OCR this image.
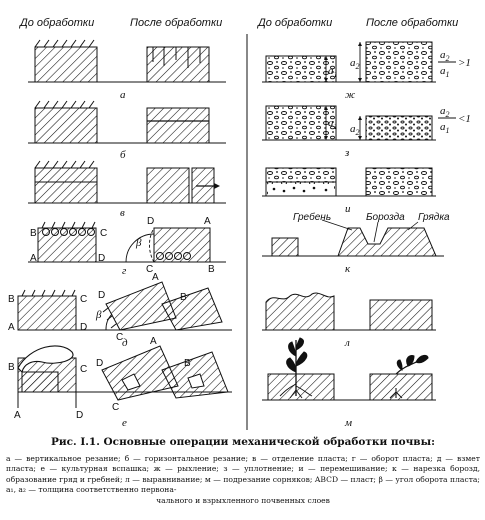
До обработки	После обработки	До обработки	После обработки
а
б
в
B	C
A	D
D	A
C	B
β
г
B	C
A	D
D
A
C
B
β
д
B	C
A	D
D
A
C
B
е
$a_1$
$a_2$
$a_2$
$a_1$
>1
ж
$a_1$ $a_2$
$a_2$
$a_1$
<1
з
и
Гребень	Борозда Грядка
к
л
м

Рис. I.1. Основные операции механической обработки почвы:

а — вертикальное резание; б — горизонтальное резание; в — отделение пласта; г — оборот пласта; д — взмет пласта; е — культурная вспашка; ж — рыхление; з — уплотнение; и — перемешивание; к — нарезка борозд, образование гряд и гребней; л — выравнивание; м — подрезание сорняков; ABCD — пласт; β — угол оборота пласта; a₁, a₂ — толщина соответственно первона-
чального и взрыхленного почвенных слоев
